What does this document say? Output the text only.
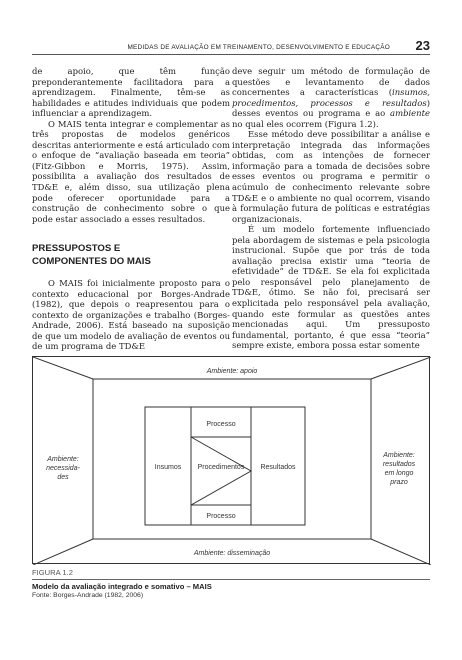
MEDIDAS DE AVALIAÇÃO EM TREINAMENTO, DESENVOLVIMENTO E EDUCAÇÃO 23

de apoio, que têm função preponderantemente facilitadora para a aprendizagem. Finalmente, têm-se as habilidades e atitudes individuais que podem influenciar a aprendizagem.

O MAIS tenta integrar e complementar as três propostas de modelos genéricos descritas anteriormente e está articulado com o enfoque de “avaliação baseada em teoria” (Fitz-Gibbon e Morris, 1975). Assim, possibilita a avaliação dos resultados de TD&E e, além disso, sua utilização plena pode oferecer oportunidade para a construção de conhecimento sobre o que pode estar associado a esses resultados.

PRESSUPOSTOS E
COMPONENTES DO MAIS

O MAIS foi inicialmente proposto para o contexto educacional por Borges-Andrade (1982), que depois o reapresentou para o contexto de organizações e trabalho (Borges-Andrade, 2006). Está baseado na suposição de que um modelo de avaliação de eventos ou de um programa de TD&E

deve seguir um método de formulação de questões e levantamento de dados concernentes a características (insumos, procedimentos, processos e resultados) desses eventos ou programa e ao ambiente no qual eles ocorrem (Figura 1.2).

Esse método deve possibilitar a análise e interpretação integrada das informações obtidas, com as intenções de fornecer informação para a tomada de decisões sobre esses eventos ou programa e permitir o acúmulo de conhecimento relevante sobre TD&E e o ambiente no qual ocorrem, visando à formulação futura de políticas e estratégias organizacionais.

É um modelo fortemente influenciado pela abordagem de sistemas e pela psicologia instrucional. Supõe que por trás de toda avaliação precisa existir uma “teoria de efetividade” de TD&E. Se ela foi explicitada pelo responsável pelo planejamento de TD&E, ótimo. Se não foi, precisará ser explicitada pelo responsável pela avaliação, quando este formular as questões antes mencionadas aqui. Um pressuposto fundamental, portanto, é que essa “teoria” sempre existe, embora possa estar somente

Ambiente: apoio
Ambiente: disseminação
Ambiente:
necessida-
des
Ambiente:
resultados
em longo
prazo
Insumos Procedimentos
Processo
Processo
Resultados
FIGURA 1.2
Modelo da avaliação integrado e somativo – MAIS
Fonte: Borges-Andrade (1982, 2006)
